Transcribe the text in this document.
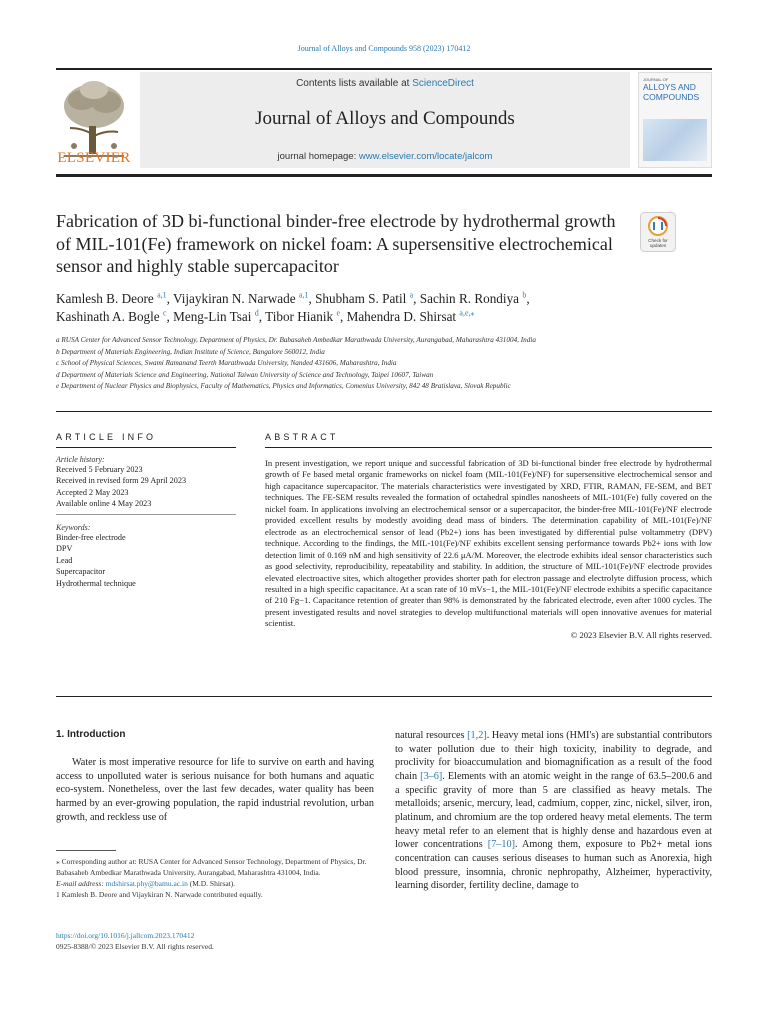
Journal of Alloys and Compounds 958 (2023) 170412
ELSEVIER
Contents lists available at ScienceDirect
Journal of Alloys and Compounds
journal homepage: www.elsevier.com/locate/jalcom
JOURNAL OF
ALLOYS AND
COMPOUNDS
Fabrication of 3D bi-functional binder-free electrode by hydrothermal growth of MIL-101(Fe) framework on nickel foam: A supersensitive electrochemical sensor and highly stable supercapacitor
Check for updates
Kamlesh B. Deore $^{a,1}$, Vijaykiran N. Narwade $^{a,1}$, Shubham S. Patil $^a$, Sachin R. Rondiya $^b$,
Kashinath A. Bogle $^c$, Meng-Lin Tsai $^d$, Tibor Hianik $^e$, Mahendra D. Shirsat $^{a,e,⁎}$
a RUSA Center for Advanced Sensor Technology, Department of Physics, Dr. Babasaheb Ambedkar Marathwada University, Aurangabad, Maharashtra 431004, India
b Department of Materials Engineering, Indian Institute of Science, Bangalore 560012, India
c School of Physical Sciences, Swami Ramanand Teerth Marathwada University, Nanded 431606, Maharashtra, India
d Department of Materials Science and Engineering, National Taiwan University of Science and Technology, Taipei 10607, Taiwan
e Department of Nuclear Physics and Biophysics, Faculty of Mathematics, Physics and Informatics, Comenius University, 842 48 Bratislava, Slovak Republic
ARTICLE INFO
Article history:
Received 5 February 2023
Received in revised form 29 April 2023
Accepted 2 May 2023
Available online 4 May 2023
Keywords:
Binder-free electrode
DPV
Lead
Supercapacitor
Hydrothermal technique
ABSTRACT
In present investigation, we report unique and successful fabrication of 3D bi-functional binder free electrode by hydrothermal growth of Fe based metal organic frameworks on nickel foam (MIL-101(Fe)/NF) for supersensitive electrochemical sensor and high capacitance supercapacitor. The materials characteristics were investigated by XRD, FTIR, RAMAN, FE-SEM, and BET techniques. The FE-SEM results revealed the formation of octahedral spindles nanosheets of MIL-101(Fe) fully covered on the nickel foam. In applications involving an electrochemical sensor or a supercapacitor, the binder-free MIL-101(Fe)/NF electrode provided excellent results by modestly avoiding dead mass of binders. The determination capability of MIL-101(Fe)/NF electrode as an electrochemical sensor of lead (Pb2+) ions has been investigated by differential pulse voltammetry (DPV) technique. According to the findings, the MIL-101(Fe)/NF exhibits excellent sensing performance towards Pb2+ ions with low detection limit of 0.169 nM and high sensitivity of 22.6 μA/M. Moreover, the electrode exhibits ideal sensor characteristics such as good selectivity, reproducibility, repeatability and stability. In addition, the structure of MIL-101(Fe)/NF electrode provides elevated electroactive sites, which altogether provides shorter path for electron passage and electrolyte diffusion process, which resulted in a high specific capacitance. At a scan rate of 10 mVs−1, the MIL-101(Fe)/NF electrode exhibits a specific capacitance of 210 Fg−1. Capacitance retention of greater than 98% is demonstrated by the fabricated electrode, even after 1000 cycles. The present investigated results and novel strategies to develop multifunctional materials will open innovative avenues for material scientist.
© 2023 Elsevier B.V. All rights reserved.
1. Introduction
Water is most imperative resource for life to survive on earth and having access to unpolluted water is serious nuisance for both humans and aquatic eco-system. Nonetheless, over the last few decades, water quality has been harmed by an ever-growing population, the rapid industrial revolution, urban growth, and reckless use of
natural resources [1,2]. Heavy metal ions (HMI's) are substantial contributors to water pollution due to their high toxicity, inability to degrade, and proclivity for bioaccumulation and biomagnification as a result of the food chain [3–6]. Elements with an atomic weight in the range of 63.5–200.6 and a specific gravity of more than 5 are classified as heavy metals. The metalloids; arsenic, mercury, lead, cadmium, copper, zinc, nickel, silver, iron, platinum, and chromium are the top ordered heavy metal elements. The term heavy metal refer to an element that is highly dense and hazardous even at lower concentrations [7–10]. Among them, exposure to Pb2+ metal ions concentration can causes serious diseases to human such as Anorexia, high blood pressure, insomnia, chronic nephropathy, Alzheimer, hyperactivity, learning disorder, fertility decline, damage to
⁎ Corresponding author at: RUSA Center for Advanced Sensor Technology, Department of Physics, Dr. Babasaheb Ambedkar Marathwada University, Aurangabad, Maharashtra 431004, India.
E-mail address: mdshirsat.phy@bamu.ac.in (M.D. Shirsat).
1 Kamlesh B. Deore and Vijaykiran N. Narwade contributed equally.
https://doi.org/10.1016/j.jallcom.2023.170412
0925-8388/© 2023 Elsevier B.V. All rights reserved.
